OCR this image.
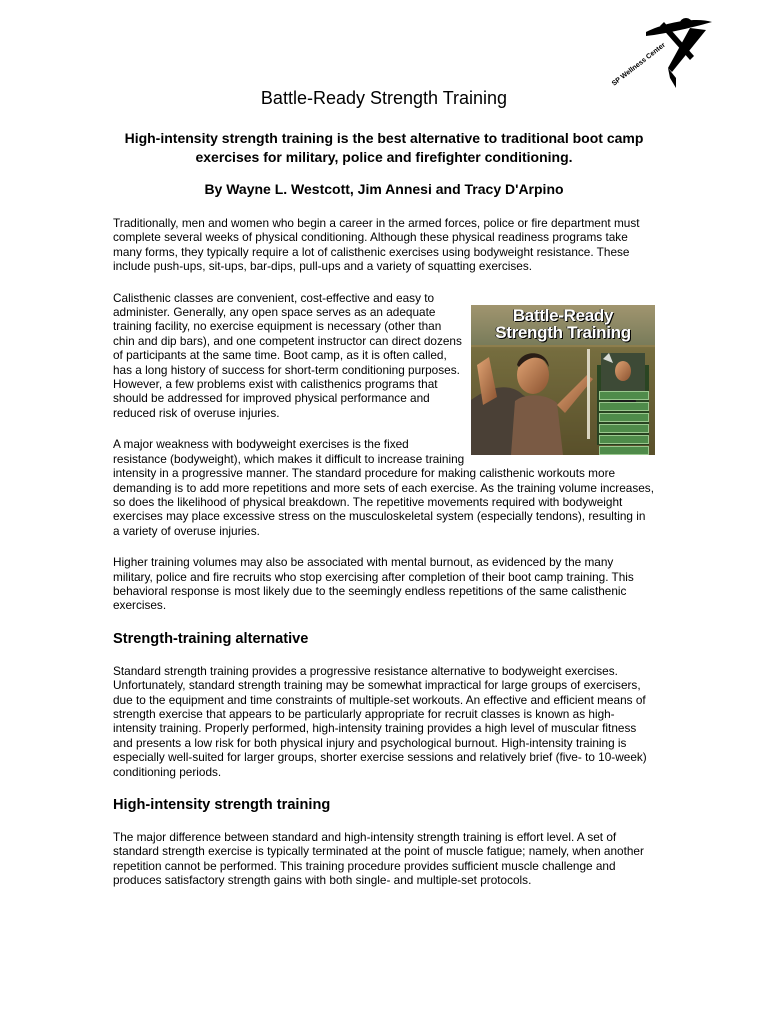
SP Wellness Center
Battle-Ready Strength Training

High-intensity strength training is the best alternative to traditional boot camp exercises for military, police and firefighter conditioning.

By Wayne L. Westcott, Jim Annesi and Tracy D'Arpino

Traditionally, men and women who begin a career in the armed forces, police or fire department must complete several weeks of physical conditioning. Although these physical readiness programs take many forms, they typically require a lot of calisthenic exercises using bodyweight resistance. These include push-ups, sit-ups, bar-dips, pull-ups and a variety of squatting exercises.

Battle-Ready
Strength Training

Calisthenic classes are convenient, cost-effective and easy to administer. Generally, any open space serves as an adequate training facility, no exercise equipment is necessary (other than chin and dip bars), and one competent instructor can direct dozens of participants at the same time. Boot camp, as it is often called, has a long history of success for short-term conditioning purposes. However, a few problems exist with calisthenics programs that should be addressed for improved physical performance and reduced risk of overuse injuries.

A major weakness with bodyweight exercises is the fixed resistance (bodyweight), which makes it difficult to increase training intensity in a progressive manner. The standard procedure for making calisthenic workouts more demanding is to add more repetitions and more sets of each exercise. As the training volume increases, so does the likelihood of physical breakdown. The repetitive movements required with bodyweight exercises may place excessive stress on the musculoskeletal system (especially tendons), resulting in a variety of overuse injuries.

Higher training volumes may also be associated with mental burnout, as evidenced by the many military, police and fire recruits who stop exercising after completion of their boot camp training. This behavioral response is most likely due to the seemingly endless repetitions of the same calisthenic exercises.

Strength-training alternative

Standard strength training provides a progressive resistance alternative to bodyweight exercises. Unfortunately, standard strength training may be somewhat impractical for large groups of exercisers, due to the equipment and time constraints of multiple-set workouts. An effective and efficient means of strength exercise that appears to be particularly appropriate for recruit classes is known as high-intensity training. Properly performed, high-intensity training provides a high level of muscular fitness and presents a low risk for both physical injury and psychological burnout. High-intensity training is especially well-suited for larger groups, shorter exercise sessions and relatively brief (five- to 10-week) conditioning periods.

High-intensity strength training

The major difference between standard and high-intensity strength training is effort level. A set of standard strength exercise is typically terminated at the point of muscle fatigue; namely, when another repetition cannot be performed. This training procedure provides sufficient muscle challenge and produces satisfactory strength gains with both single- and multiple-set protocols.
